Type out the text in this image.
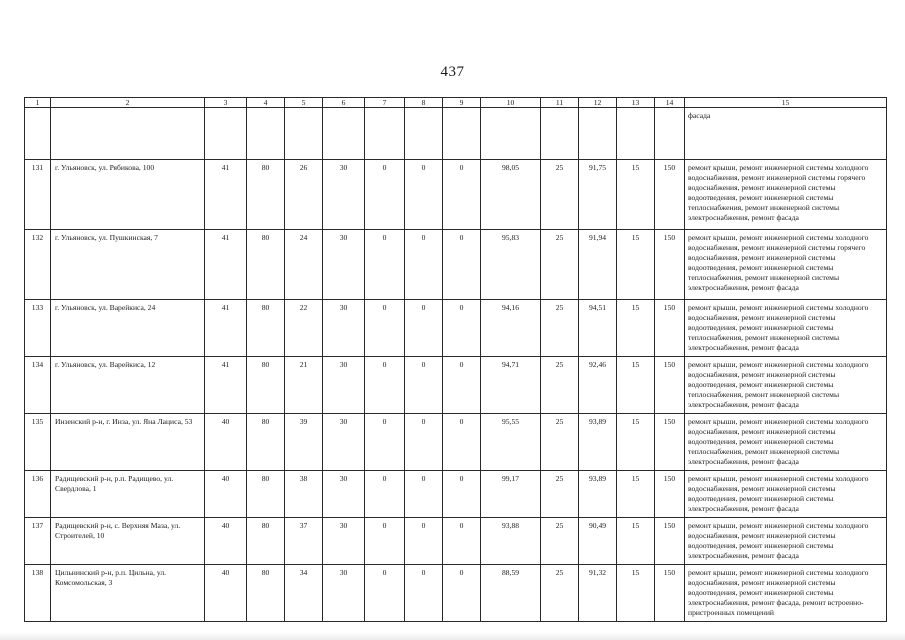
437
1	2	3	4	5	6	7	8	9	10	11	12	13	14	15
														фасада
131	г. Ульяновск, ул. Рябикова, 100	41	80	26	30	0	0	0	98,05	25	91,75	15	150	ремонт крыши, ремонт инженерной системы холодного водоснабжения, ремонт инженерной системы горячего водоснабжения, ремонт инженерной системы водоотведения, ремонт инженерной системы теплоснабжения, ремонт инженерной системы электроснабжения, ремонт фасада
132	г. Ульяновск, ул. Пушкинская, 7	41	80	24	30	0	0	0	95,83	25	91,94	15	150	ремонт крыши, ремонт инженерной системы холодного водоснабжения, ремонт инженерной системы горячего водоснабжения, ремонт инженерной системы водоотведения, ремонт инженерной системы теплоснабжения, ремонт инженерной системы электроснабжения, ремонт фасада
133	г. Ульяновск, ул. Варейкиса, 24	41	80	22	30	0	0	0	94,16	25	94,51	15	150	ремонт крыши, ремонт инженерной системы холодного водоснабжения, ремонт инженерной системы водоотведения, ремонт инженерной системы теплоснабжения, ремонт инженерной системы электроснабжения, ремонт фасада
134	г. Ульяновск, ул. Варейкиса, 12	41	80	21	30	0	0	0	94,71	25	92,46	15	150	ремонт крыши, ремонт инженерной системы холодного водоснабжения, ремонт инженерной системы водоотведения, ремонт инженерной системы теплоснабжения, ремонт инженерной системы электроснабжения, ремонт фасада
135	Инзенский р-н, г. Инза, ул. Яна Лациса, 53	40	80	39	30	0	0	0	95,55	25	93,89	15	150	ремонт крыши, ремонт инженерной системы холодного водоснабжения, ремонт инженерной системы водоотведения, ремонт инженерной системы теплоснабжения, ремонт инженерной системы электроснабжения, ремонт фасада
136	Радищевский р-н, р.п. Радищево, ул. Свердлова, 1	40	80	38	30	0	0	0	99,17	25	93,89	15	150	ремонт крыши, ремонт инженерной системы холодного водоснабжения, ремонт инженерной системы водоотведения, ремонт инженерной системы электроснабжения, ремонт фасада
137	Радищевский р-н, с. Верхняя Маза, ул. Строителей, 10	40	80	37	30	0	0	0	93,88	25	90,49	15	150	ремонт крыши, ремонт инженерной системы холодного водоснабжения, ремонт инженерной системы водоотведения, ремонт инженерной системы электроснабжения, ремонт фасада
138	Цильнинский р-н, р.п. Цильна, ул. Комсомольская, 3	40	80	34	30	0	0	0	88,59	25	91,32	15	150	ремонт крыши, ремонт инженерной системы холодного водоснабжения, ремонт инженерной системы водоотведения, ремонт инженерной системы электроснабжения, ремонт фасада, ремонт встроенно-пристроенных помещений
